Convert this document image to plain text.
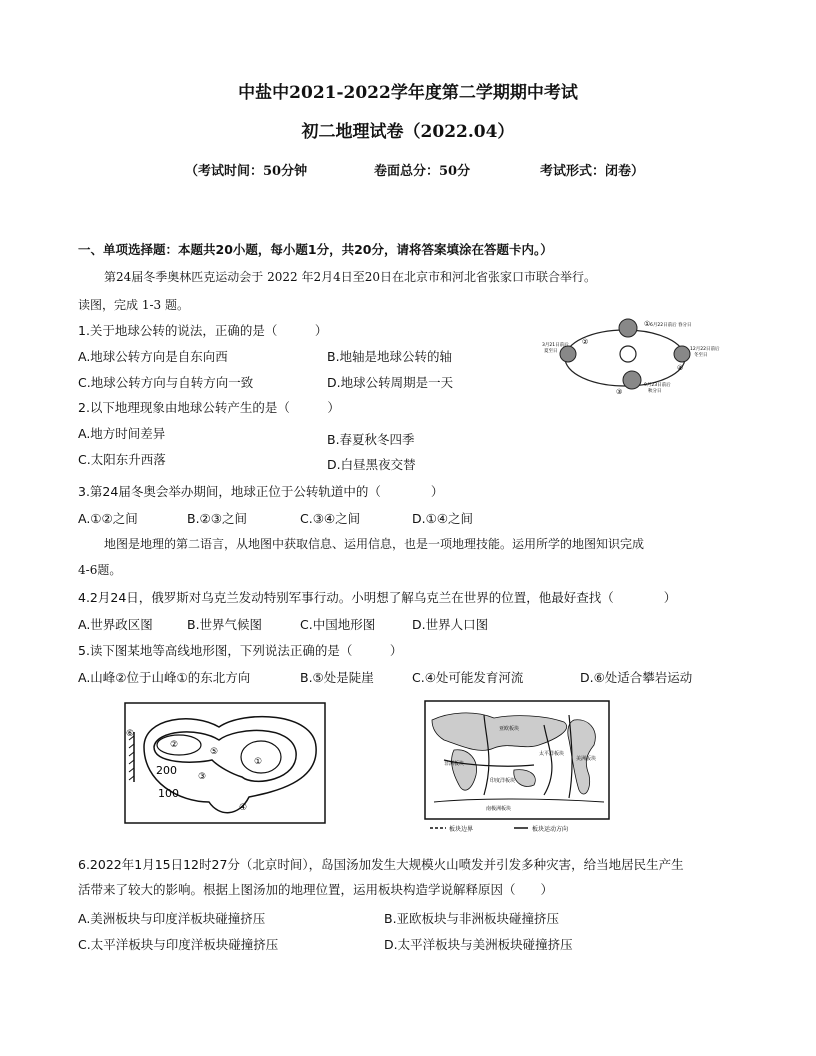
中盐中2021-2022学年度第二学期期中考试
初二地理试卷（2022.04）
（考试时间：50分钟	卷面总分：50分	考试形式：闭卷）
一、单项选择题：本题共20小题，每小题1分，共20分，请将答案填涂在答题卡内。）
第24届冬季奥林匹克运动会于 2022 年2月4日至20日在北京市和河北省张家口市联合举行。
读图，完成 1-3 题。
1.关于地球公转的说法，正确的是（　　　）
A.地球公转方向是自东向西	B.地轴是地球公转的轴
C.地球公转方向与自转方向一致	D.地球公转周期是一天
2.以下地理现象由地球公转产生的是（　　　）
A.地方时间差异	B.春夏秋冬四季
C.太阳东升西落	D.白昼黑夜交替
3.第24届冬奥会举办期间，地球正位于公转轨道中的（　　　　）
A.①②之间	B.②③之间	C.③④之间	D.①④之间
地图是地理的第二语言，从地图中获取信息、运用信息，也是一项地理技能。运用所学的地图知识完成
4-6题。
4.2月24日，俄罗斯对乌克兰发动特别军事行动。小明想了解乌克兰在世界的位置，他最好查找（　　　　）
A.世界政区图	B.世界气候图	C.中国地形图	D.世界人口图
5.读下图某地等高线地形图，下列说法正确的是（　　　）
A.山峰②位于山峰①的东北方向	B.⑤处是陡崖	C.④处可能发育河流	D.⑥处适合攀岩运动
6.2022年1月15日12时27分（北京时间），岛国汤加发生大规模火山喷发并引发多种灾害，给当地居民生产生
活带来了较大的影响。根据上图汤加的地理位置，运用板块构造学说解释原因（　　）
A.美洲板块与印度洋板块碰撞挤压	B.亚欧板块与非洲板块碰撞挤压
C.太平洋板块与印度洋板块碰撞挤压	D.太平洋板块与美洲板块碰撞挤压
① 6月22日前后 春分日
②
3月21日前后
夏至日
④
12月22日前后
冬至日
③
9月23日前后
秋分日
200
100
②
①
③
④
⑤
⑥	亚欧板块
太平洋板块
非洲板块
印度洋板块
美洲板块
南极洲板块
板块边界	板块运动方向
